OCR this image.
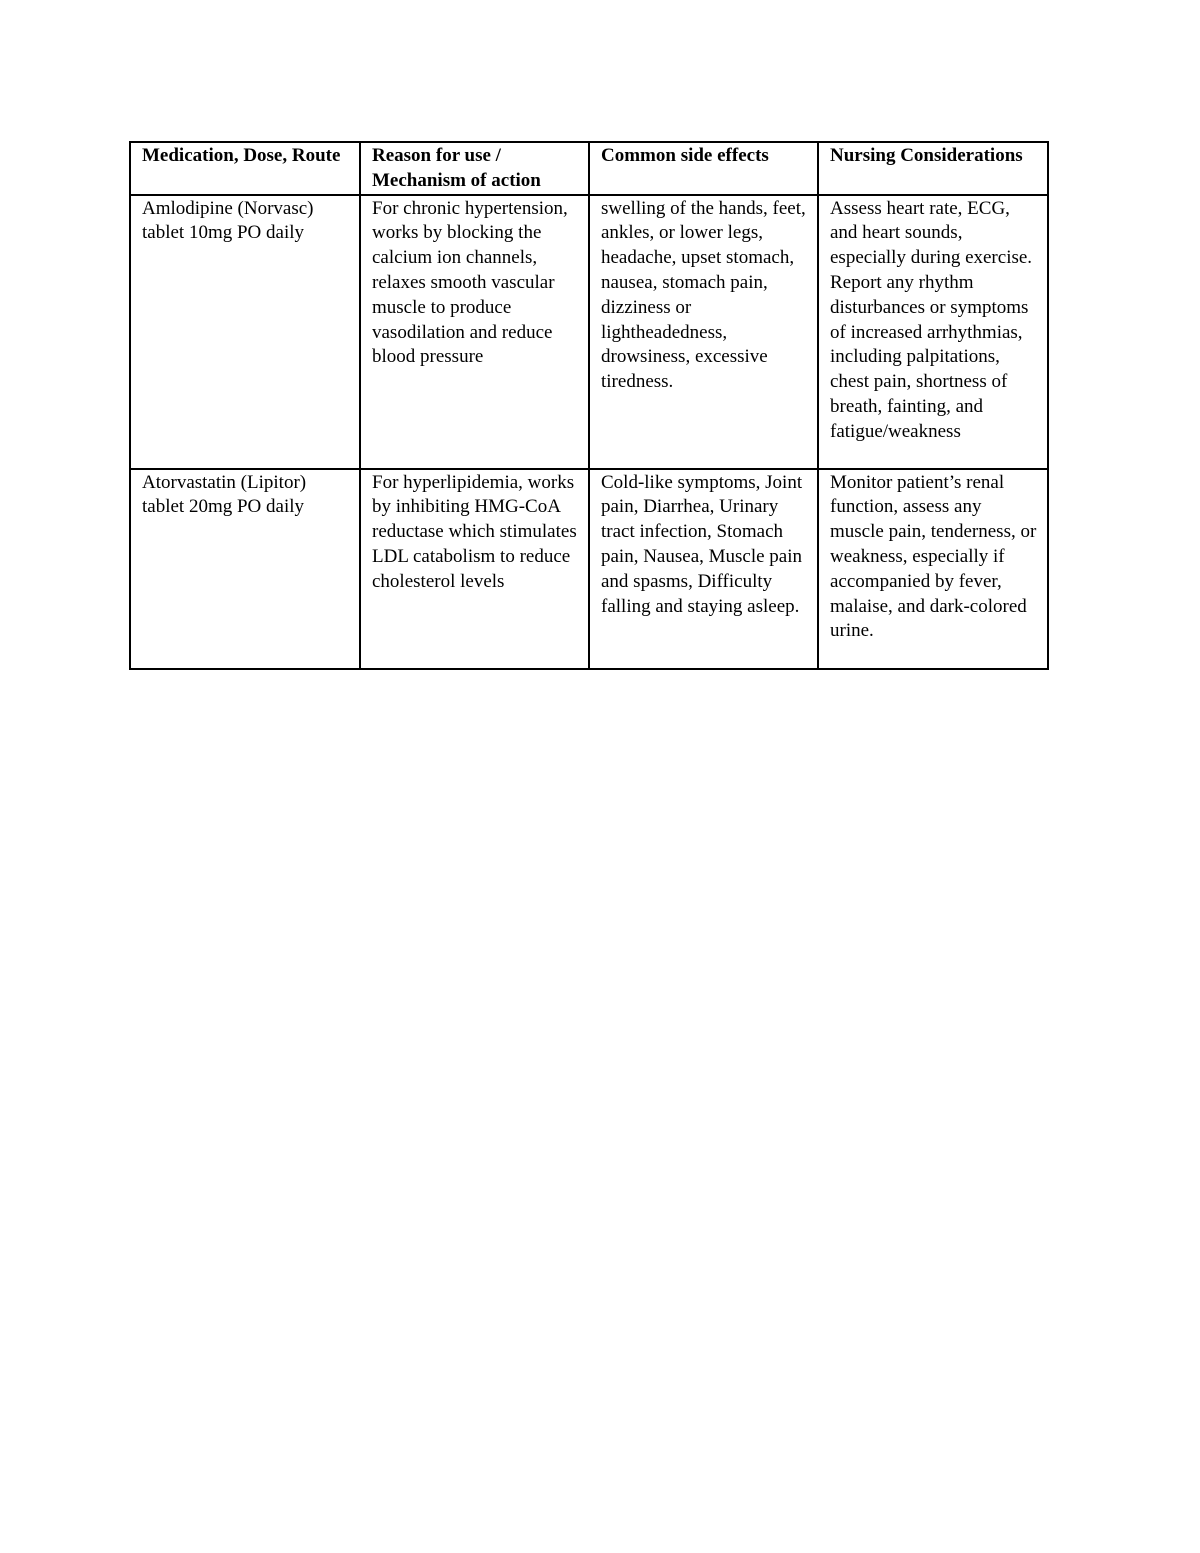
Medication, Dose, Route	Reason for use / Mechanism of action	Common side effects	Nursing Considerations
Amlodipine (Norvasc) tablet 10mg PO daily	For chronic hypertension, works by blocking the calcium ion channels, relaxes smooth vascular muscle to produce vasodilation and reduce blood pressure	swelling of the hands, feet, ankles, or lower legs, headache, upset stomach, nausea, stomach pain, dizziness or lightheadedness, drowsiness, excessive tiredness.	Assess heart rate, ECG, and heart sounds, especially during exercise. Report any rhythm disturbances or symptoms of increased arrhythmias, including palpitations, chest pain, shortness of breath, fainting, and fatigue/weakness
Atorvastatin (Lipitor) tablet 20mg PO daily	For hyperlipidemia, works by inhibiting HMG-CoA reductase which stimulates LDL catabolism to reduce cholesterol levels	Cold-like symptoms, Joint pain, Diarrhea, Urinary tract infection, Stomach pain, Nausea, Muscle pain and spasms, Difficulty falling and staying asleep.	Monitor patient’s renal function, assess any muscle pain, tenderness, or weakness, especially if accompanied by fever, malaise, and dark-colored urine.
